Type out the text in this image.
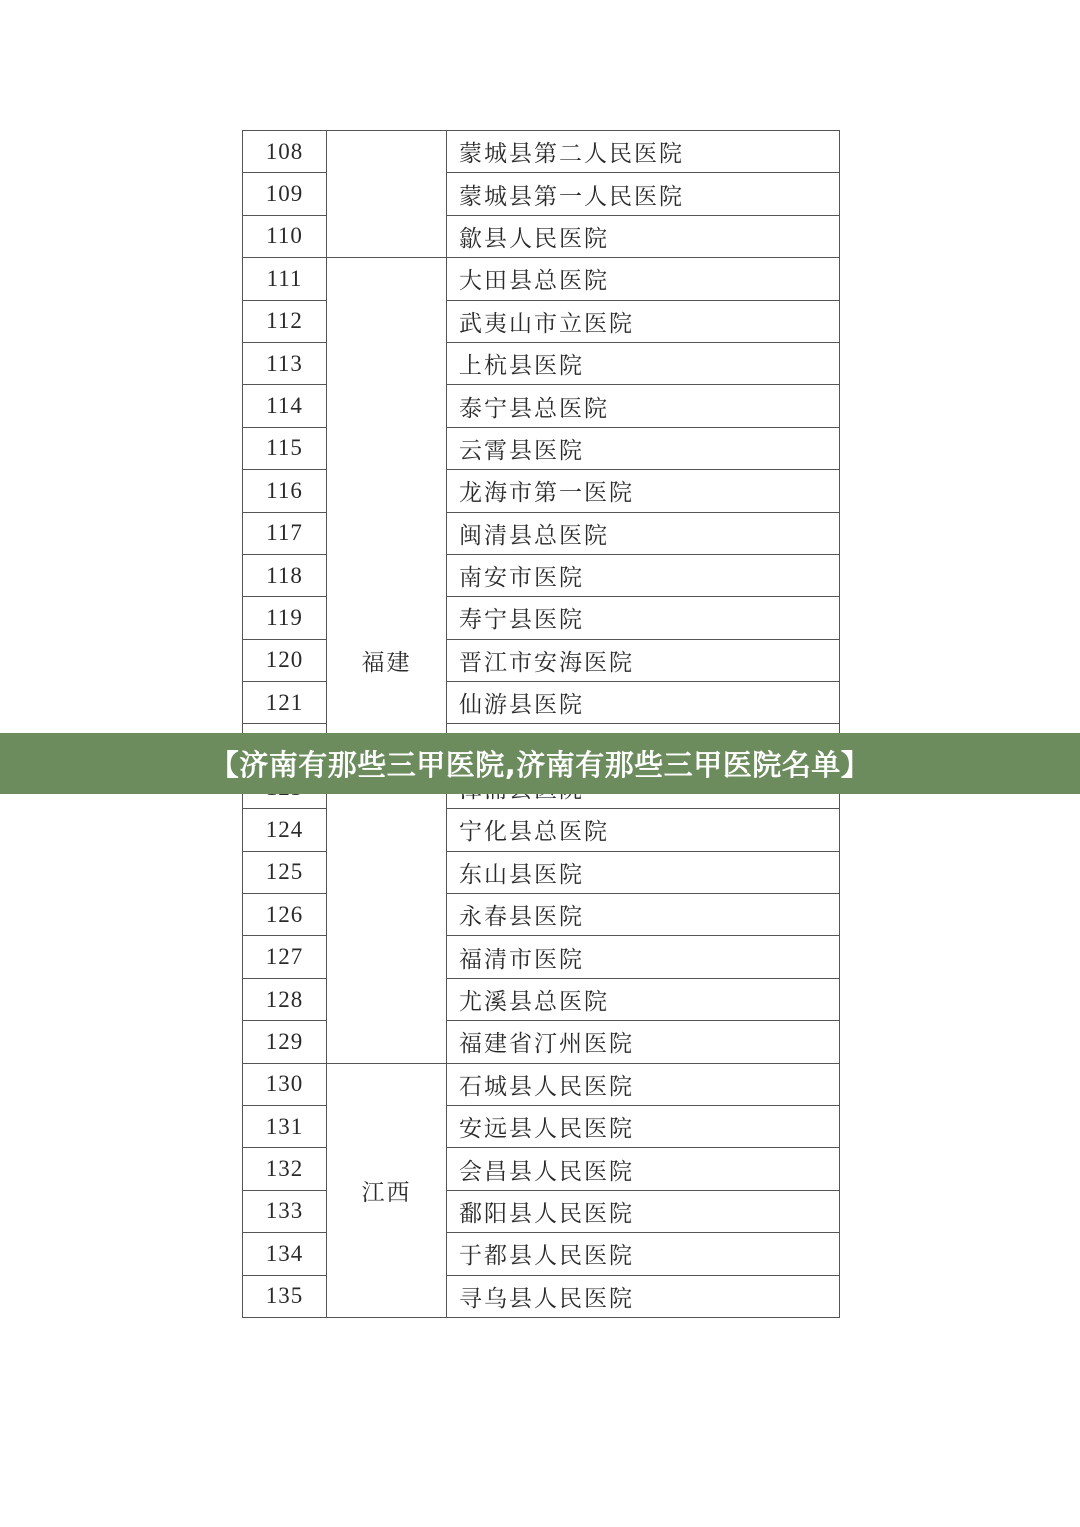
108		蒙城县第二人民医院
109		蒙城县第一人民医院
110		歙县人民医院
111	福建	大田县总医院
112		武夷山市立医院
113		上杭县医院
114		泰宁县总医院
115		云霄县医院
116		龙海市第一医院
117		闽清县总医院
118		南安市医院
119		寿宁县医院
120		晋江市安海医院
121		仙游县医院

124		宁化县总医院
125		东山县医院
126		永春县医院
127		福清市医院
128		尤溪县总医院
129		福建省汀州医院
130	江西	石城县人民医院
131		安远县人民医院
132		会昌县人民医院
133		鄱阳县人民医院
134		于都县人民医院
135		寻乌县人民医院
【济南有那些三甲医院,济南有那些三甲医院名单】
